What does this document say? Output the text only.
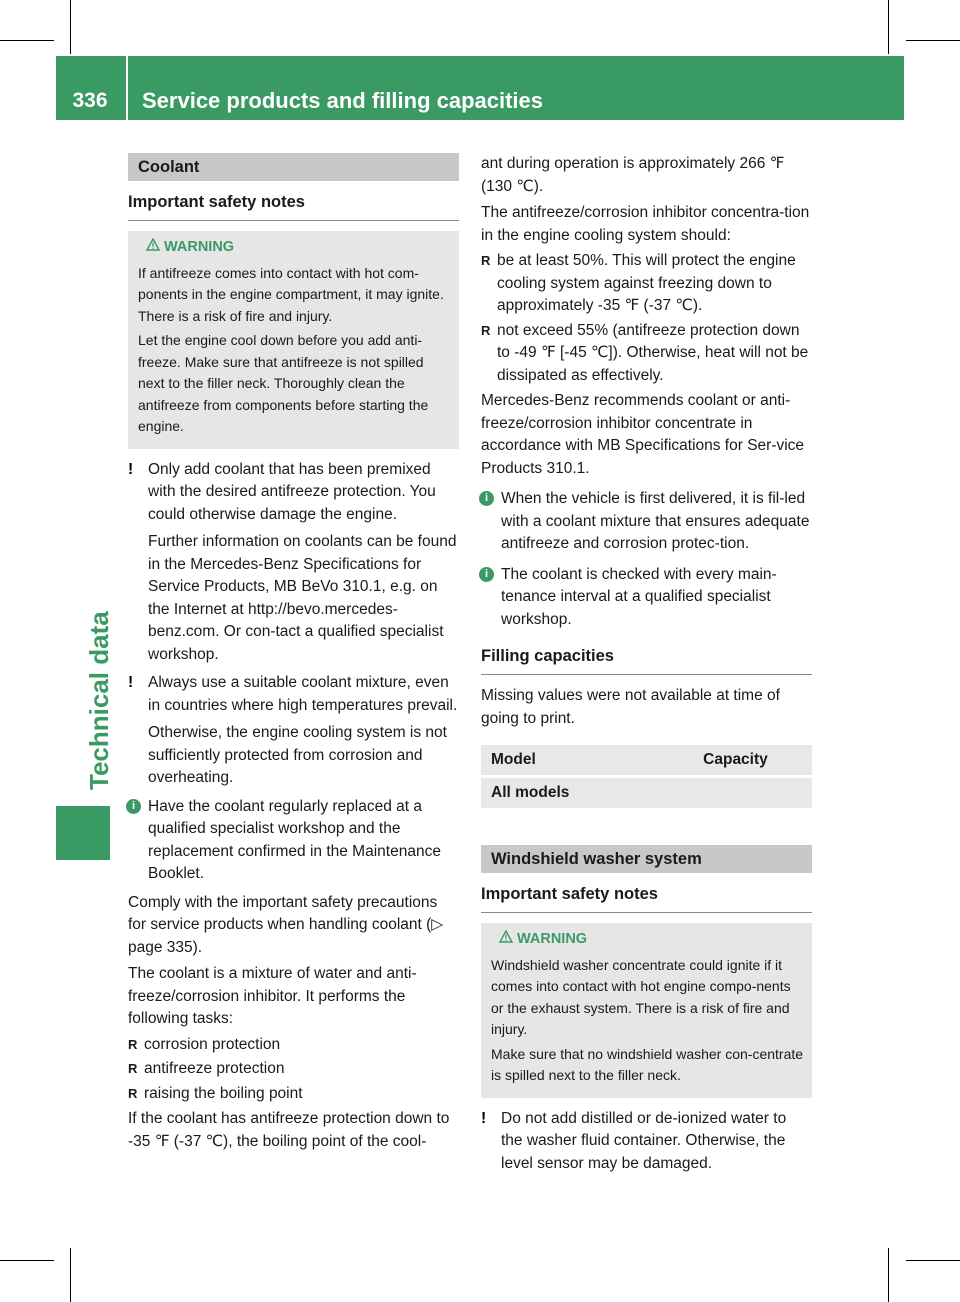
336	Service products and filling capacities
Technical data
Coolant
Important safety notes
WARNING

If antifreeze comes into contact with hot com-ponents in the engine compartment, it may ignite. There is a risk of fire and injury.

Let the engine cool down before you add anti-freeze. Make sure that antifreeze is not spilled next to the filler neck. Thoroughly clean the antifreeze from components before starting the engine.

! Only add coolant that has been premixed with the desired antifreeze protection. You could otherwise damage the engine.

Further information on coolants can be found in the Mercedes-Benz Specifications for Service Products, MB BeVo 310.1, e.g. on the Internet at http://bevo.mercedes-benz.com. Or con-tact a qualified specialist workshop.

! Always use a suitable coolant mixture, even in countries where high temperatures prevail.

Otherwise, the engine cooling system is not sufficiently protected from corrosion and overheating.

i Have the coolant regularly replaced at a qualified specialist workshop and the replacement confirmed in the Maintenance Booklet.

Comply with the important safety precautions for service products when handling coolant (▷ page 335).

The coolant is a mixture of water and anti-freeze/corrosion inhibitor. It performs the following tasks:

R corrosion protection
R antifreeze protection
R raising the boiling point

If the coolant has antifreeze protection down to -35 ℉ (-37 ℃), the boiling point of the cool-

ant during operation is approximately 266 ℉ (130 ℃).

The antifreeze/corrosion inhibitor concentra-tion in the engine cooling system should:

R be at least 50%. This will protect the engine cooling system against freezing down to approximately -35 ℉ (-37 ℃).
R not exceed 55% (antifreeze protection down to -49 ℉ [-45 ℃]). Otherwise, heat will not be dissipated as effectively.

Mercedes-Benz recommends coolant or anti-freeze/corrosion inhibitor concentrate in accordance with MB Specifications for Ser-vice Products 310.1.

i When the vehicle is first delivered, it is fil-led with a coolant mixture that ensures adequate antifreeze and corrosion protec-tion.

i The coolant is checked with every main-tenance interval at a qualified specialist workshop.

Filling capacities

Missing values were not available at time of going to print.

Model	Capacity
All models	
Windshield washer system
Important safety notes
WARNING

Windshield washer concentrate could ignite if it comes into contact with hot engine compo-nents or the exhaust system. There is a risk of fire and injury.

Make sure that no windshield washer con-centrate is spilled next to the filler neck.

! Do not add distilled or de-ionized water to the washer fluid container. Otherwise, the level sensor may be damaged.
